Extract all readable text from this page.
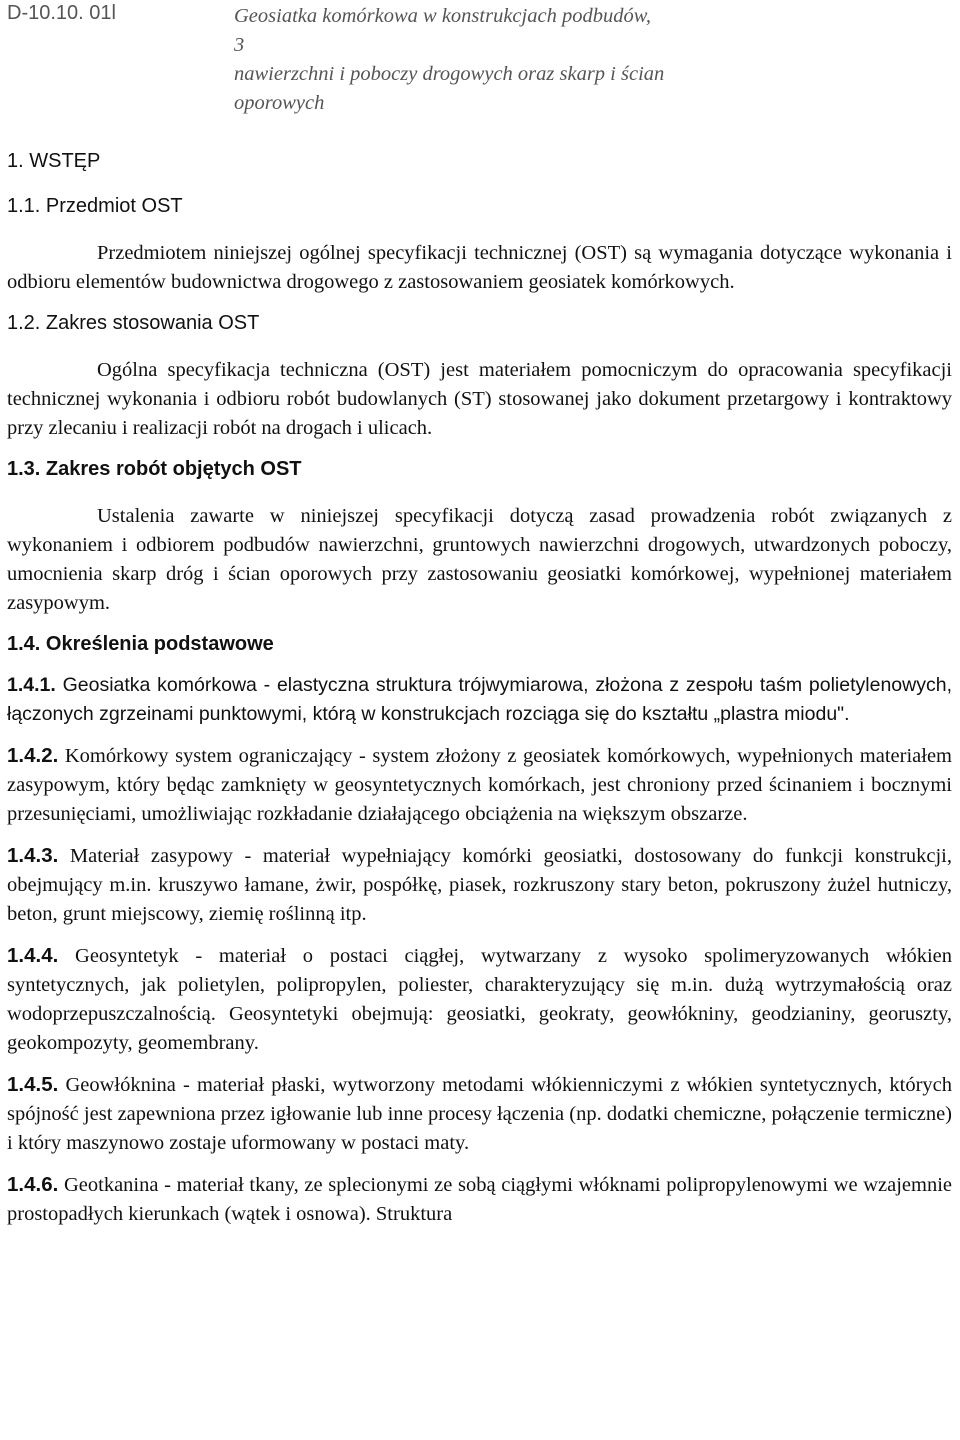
D-10.10. 01l	Geosiatka komórkowa w konstrukcjach podbudów,
3
nawierzchni i poboczy drogowych oraz skarp i ścian
oporowych
1. WSTĘP
1.1. Przedmiot OST

Przedmiotem niniejszej ogólnej specyfikacji technicznej (OST) są wymagania dotyczące wykonania i odbioru elementów budownictwa drogowego z zastosowaniem geosiatek komórkowych.

1.2. Zakres stosowania OST

Ogólna specyfikacja techniczna (OST) jest materiałem pomocniczym do opracowania specyfikacji technicznej wykonania i odbioru robót budowlanych (ST) stosowanej jako dokument przetargowy i kontraktowy przy zlecaniu i realizacji robót na drogach i ulicach.

1.3. Zakres robót objętych OST

Ustalenia zawarte w niniejszej specyfikacji dotyczą zasad prowadzenia robót związanych z wykonaniem i odbiorem podbudów nawierzchni, gruntowych nawierzchni drogowych, utwardzonych poboczy, umocnienia skarp dróg i ścian oporowych przy zastosowaniu geosiatki komórkowej, wypełnionej materiałem zasypowym.

1.4. Określenia podstawowe

1.4.1. Geosiatka komórkowa - elastyczna struktura trójwymiarowa, złożona z zespołu taśm polietylenowych, łączonych zgrzeinami punktowymi, którą w konstrukcjach rozciąga się do kształtu „plastra miodu".

1.4.2. Komórkowy system ograniczający - system złożony z geosiatek komórkowych, wypełnionych materiałem zasypowym, który będąc zamknięty w geosyntetycznych komórkach, jest chroniony przed ścinaniem i bocznymi przesunięciami, umożliwiając rozkładanie działającego obciążenia na większym obszarze.

1.4.3. Materiał zasypowy - materiał wypełniający komórki geosiatki, dostosowany do funkcji konstrukcji, obejmujący m.in. kruszywo łamane, żwir, pospółkę, piasek, rozkruszony stary beton, pokruszony żużel hutniczy, beton, grunt miejscowy, ziemię roślinną itp.

1.4.4. Geosyntetyk - materiał o postaci ciągłej, wytwarzany z wysoko spolimeryzowanych włókien syntetycznych, jak polietylen, polipropylen, poliester, charakteryzujący się m.in. dużą wytrzymałością oraz wodoprzepuszczalnością. Geosyntetyki obejmują: geosiatki, geokraty, geowłókniny, geodzianiny, georuszty, geokompozyty, geomembrany.

1.4.5. Geowłóknina - materiał płaski, wytworzony metodami włókienniczymi z włókien syntetycznych, których spójność jest zapewniona przez igłowanie lub inne procesy łączenia (np. dodatki chemiczne, połączenie termiczne) i który maszynowo zostaje uformowany w postaci maty.

1.4.6. Geotkanina - materiał tkany, ze splecionymi ze sobą ciągłymi włóknami polipropylenowymi we wzajemnie prostopadłych kierunkach (wątek i osnowa). Struktura
